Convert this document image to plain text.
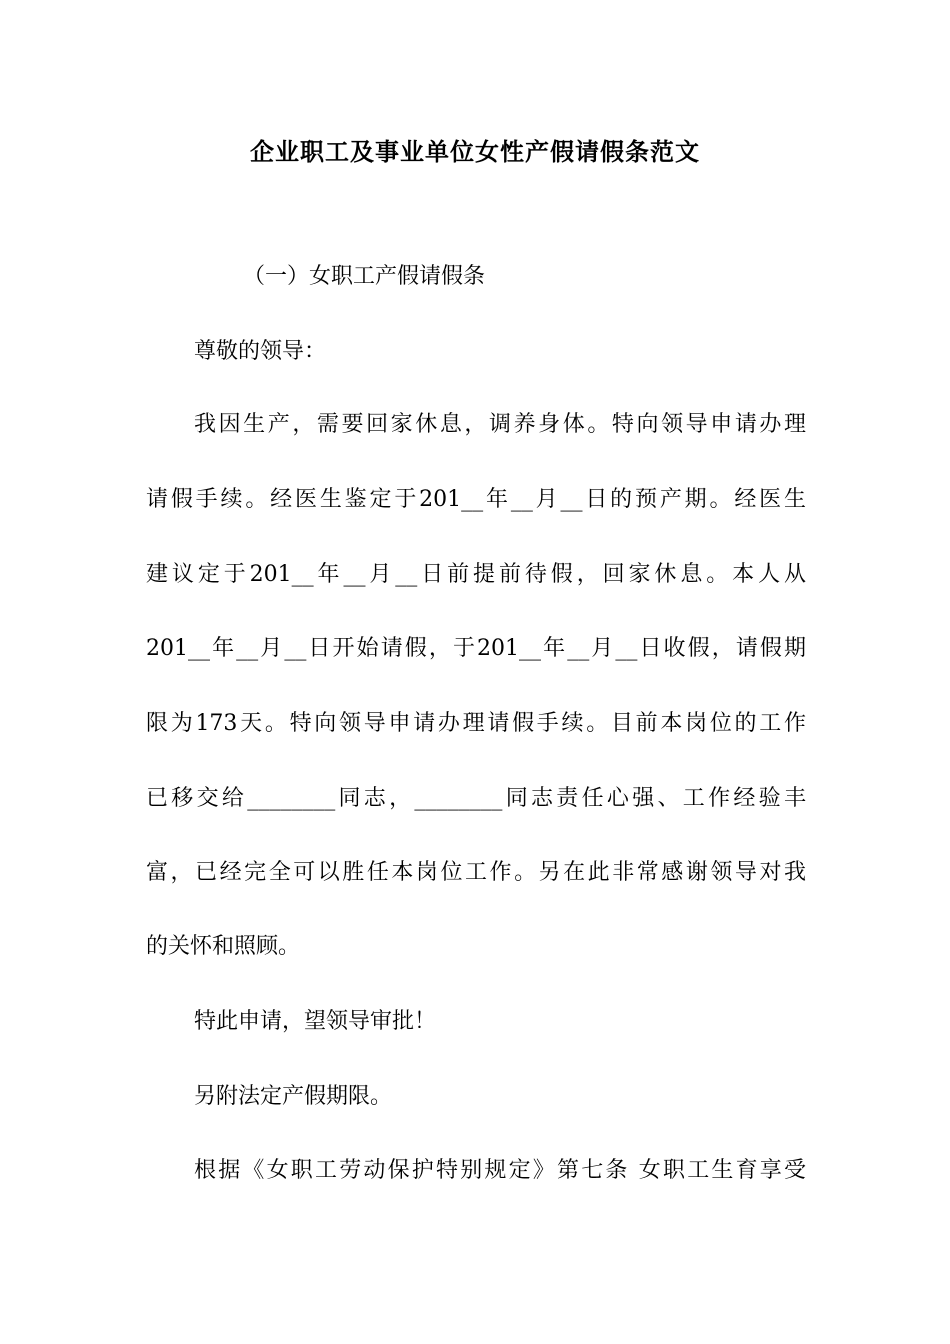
企业职工及事业单位女性产假请假条范文
（一）女职工产假请假条
尊敬的领导：
我因生产，需要回家休息，调养身体。特向领导申请办理
请假手续。经医生鉴定于201__年__月__日的预产期。经医生
建议定于201__年__月__日前提前待假，回家休息。本人从
201__年__月__日开始请假，于201__年__月__日收假，请假期
限为173天。特向领导申请办理请假手续。目前本岗位的工作
已移交给________同志，________同志责任心强、工作经验丰
富，已经完全可以胜任本岗位工作。另在此非常感谢领导对我
的关怀和照顾。
特此申请，望领导审批！
另附法定产假期限。
根据《女职工劳动保护特别规定》第七条 女职工生育享受
